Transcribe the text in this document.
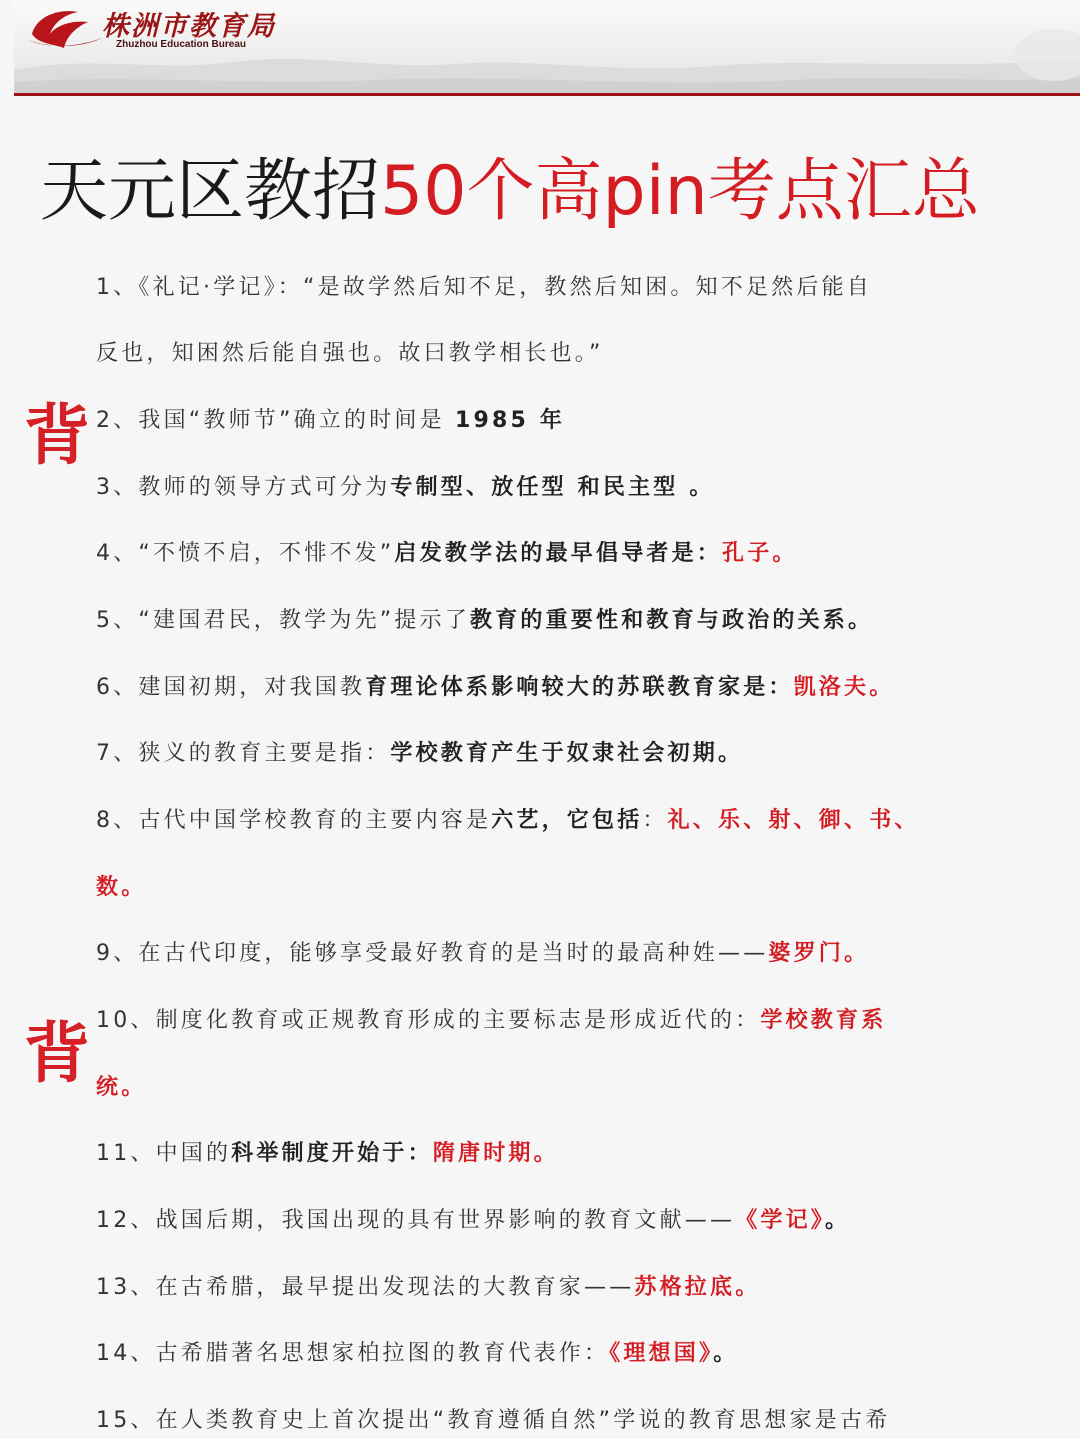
株洲市教育局
Zhuzhou Education Bureau
天元区教招50个高pin考点汇总
背
背
1、《礼记·学记》：“是故学然后知不足，教然后知困。知不足然后能自
反也，知困然后能自强也。故曰教学相长也。”
2、我国“教师节”确立的时间是 1985 年
3、教师的领导方式可分为专制型、放任型 和民主型 。
4、“不愤不启，不悱不发”启发教学法的最早倡导者是：孔子。
5、“建国君民，教学为先”提示了教育的重要性和教育与政治的关系。
6、建国初期，对我国教育理论体系影响较大的苏联教育家是：凯洛夫。
7、狭义的教育主要是指：学校教育产生于奴隶社会初期。
8、古代中国学校教育的主要内容是六艺，它包括：礼、乐、射、御、书、
数。
9、在古代印度，能够享受最好教育的是当时的最高种姓——婆罗门。
10、制度化教育或正规教育形成的主要标志是形成近代的：学校教育系
统。
11、中国的科举制度开始于：隋唐时期。
12、战国后期，我国出现的具有世界影响的教育文献——《学记》。
13、在古希腊，最早提出发现法的大教育家——苏格拉底。
14、古希腊著名思想家柏拉图的教育代表作：《理想国》。
15、在人类教育史上首次提出“教育遵循自然”学说的教育思想家是古希
